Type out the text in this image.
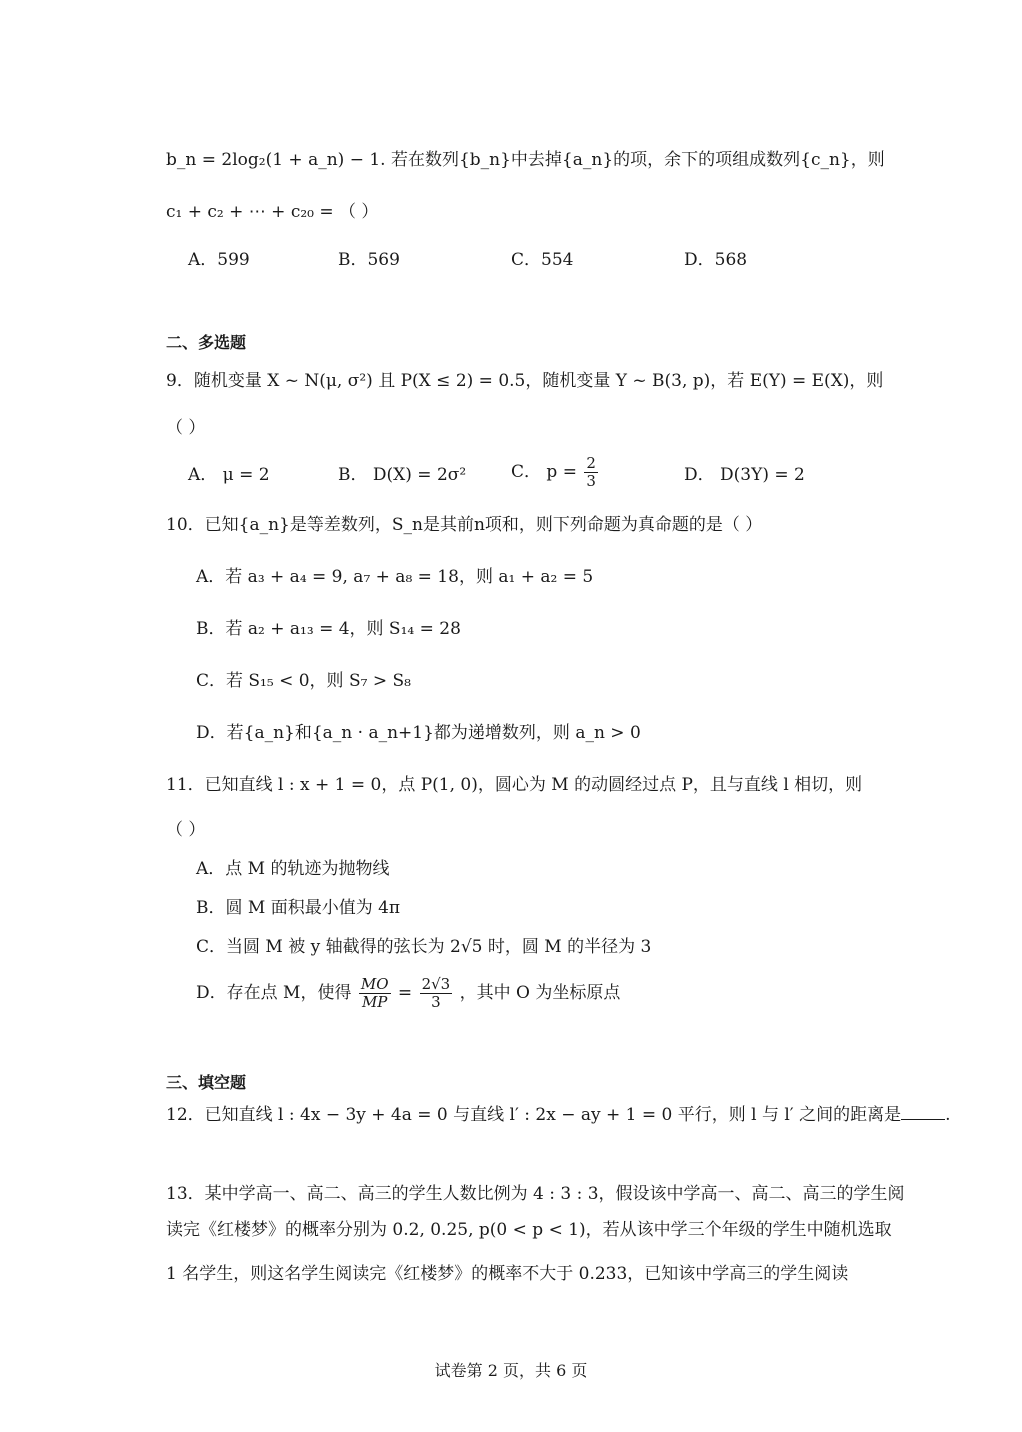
b_n = 2log₂(1 + a_n) − 1. 若在数列{b_n}中去掉{a_n}的项，余下的项组成数列{c_n}，则
c₁ + c₂ + ⋯ + c₂₀ = （ ）
A．599	B．569	C．554	D．568
二、多选题
9．随机变量 X ~ N(μ, σ²) 且 P(X ≤ 2) = 0.5，随机变量 Y ~ B(3, p)，若 E(Y) = E(X)，则
（ ）
A． μ = 2	B． D(X) = 2σ²	C． $p = \frac{2}{3}$	D． D(3Y) = 2
10．已知{a_n}是等差数列，S_n是其前n项和，则下列命题为真命题的是（ ）
A．若 a₃ + a₄ = 9, a₇ + a₈ = 18，则 a₁ + a₂ = 5
B．若 a₂ + a₁₃ = 4，则 S₁₄ = 28
C．若 S₁₅ < 0，则 S₇ > S₈
D．若{a_n}和{a_n · a_n+1}都为递增数列，则 a_n > 0
11．已知直线 l : x + 1 = 0，点 P(1, 0)，圆心为 M 的动圆经过点 P，且与直线 l 相切，则
（ ）
A．点 M 的轨迹为抛物线
B．圆 M 面积最小值为 4π
C．当圆 M 被 y 轴截得的弦长为 2√5 时，圆 M 的半径为 3
D．存在点 M，使得 $\frac{MO}{MP} = \frac{2√3}{3}$ ，其中 O 为坐标原点
三、填空题
12．已知直线 l : 4x − 3y + 4a = 0 与直线 l′ : 2x − ay + 1 = 0 平行，则 l 与 l′ 之间的距离是	.
13．某中学高一、高二、高三的学生人数比例为 4 : 3 : 3，假设该中学高一、高二、高三的学生阅
读完《红楼梦》的概率分别为 0.2, 0.25, p(0 < p < 1)，若从该中学三个年级的学生中随机选取
1 名学生，则这名学生阅读完《红楼梦》的概率不大于 0.233，已知该中学高三的学生阅读
试卷第 2 页，共 6 页
